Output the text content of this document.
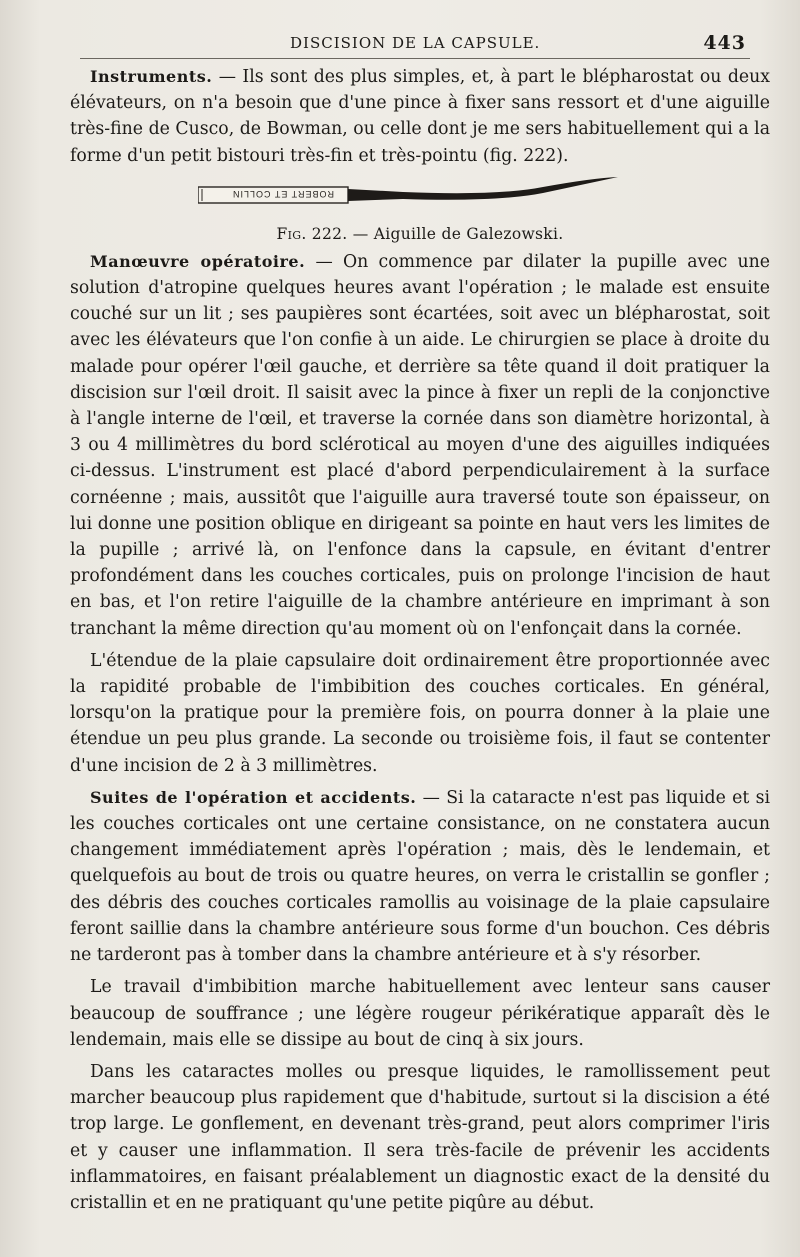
DISCISION DE LA CAPSULE.	443

Instruments. — Ils sont des plus simples, et, à part le blépharostat ou deux élévateurs, on n'a besoin que d'une pince à fixer sans ressort et d'une aiguille très-fine de Cusco, de Bowman, ou celle dont je me sers habituellement qui a la forme d'un petit bistouri très-fin et très-pointu (fig. 222).

ROBERT ET COLLIN
Fig. 222. — Aiguille de Galezowski.

Manœuvre opératoire. — On commence par dilater la pupille avec une solution d'atropine quelques heures avant l'opération ; le malade est ensuite couché sur un lit ; ses paupières sont écartées, soit avec un blépharostat, soit avec les élévateurs que l'on confie à un aide. Le chirurgien se place à droite du malade pour opérer l'œil gauche, et derrière sa tête quand il doit pratiquer la discision sur l'œil droit. Il saisit avec la pince à fixer un repli de la conjonctive à l'angle interne de l'œil, et traverse la cornée dans son diamètre horizontal, à 3 ou 4 millimètres du bord sclérotical au moyen d'une des aiguilles indiquées ci-dessus. L'instrument est placé d'abord perpendiculairement à la surface cornéenne ; mais, aussitôt que l'aiguille aura traversé toute son épaisseur, on lui donne une position oblique en dirigeant sa pointe en haut vers les limites de la pupille ; arrivé là, on l'enfonce dans la capsule, en évitant d'entrer profondément dans les couches corticales, puis on prolonge l'incision de haut en bas, et l'on retire l'aiguille de la chambre antérieure en imprimant à son tranchant la même direction qu'au moment où on l'enfonçait dans la cornée.

L'étendue de la plaie capsulaire doit ordinairement être proportionnée avec la rapidité probable de l'imbibition des couches corticales. En général, lorsqu'on la pratique pour la première fois, on pourra donner à la plaie une étendue un peu plus grande. La seconde ou troisième fois, il faut se contenter d'une incision de 2 à 3 millimètres.

Suites de l'opération et accidents. — Si la cataracte n'est pas liquide et si les couches corticales ont une certaine consistance, on ne constatera aucun changement immédiatement après l'opération ; mais, dès le lendemain, et quelquefois au bout de trois ou quatre heures, on verra le cristallin se gonfler ; des débris des couches corticales ramollis au voisinage de la plaie capsulaire feront saillie dans la chambre antérieure sous forme d'un bouchon. Ces débris ne tarderont pas à tomber dans la chambre antérieure et à s'y résorber.

Le travail d'imbibition marche habituellement avec lenteur sans causer beaucoup de souffrance ; une légère rougeur périkératique apparaît dès le lendemain, mais elle se dissipe au bout de cinq à six jours.

Dans les cataractes molles ou presque liquides, le ramollissement peut marcher beaucoup plus rapidement que d'habitude, surtout si la discision a été trop large. Le gonflement, en devenant très-grand, peut alors comprimer l'iris et y causer une inflammation. Il sera très-facile de prévenir les accidents inflammatoires, en faisant préalablement un diagnostic exact de la densité du cristallin et en ne pratiquant qu'une petite piqûre au début.
